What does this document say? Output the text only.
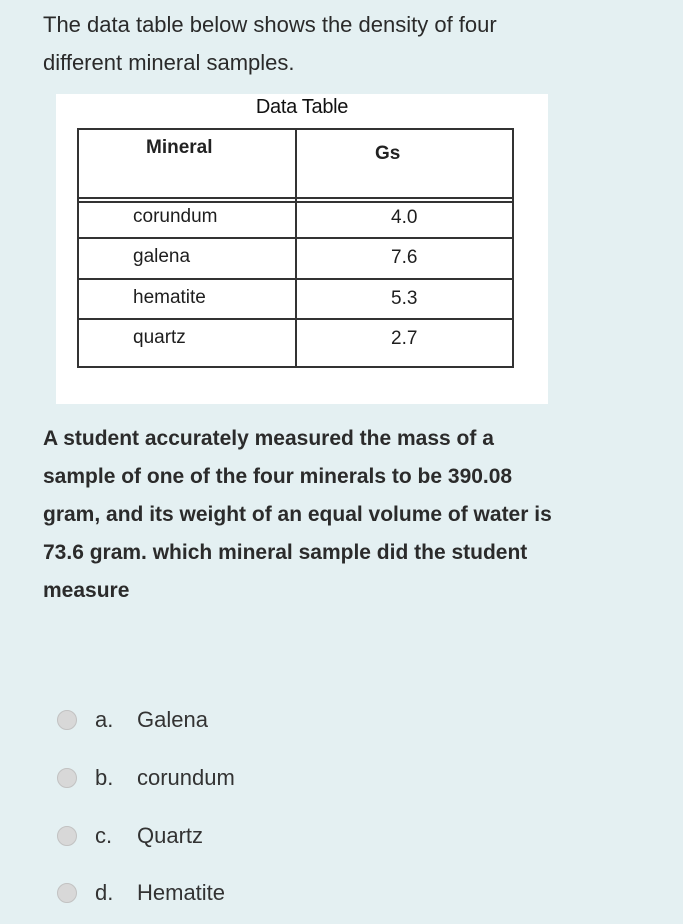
The data table below shows the density of four
different mineral samples.
Data Table
Mineral	Gs
corundum	4.0
galena	7.6
hematite	5.3
quartz	2.7
A student accurately measured the mass of a
sample of one of the four minerals to be 390.08
gram, and its weight of an equal volume of water is
73.6 gram. which mineral sample did the student
measure
a.	Galena
b.	corundum
c.	Quartz
d.	Hematite
